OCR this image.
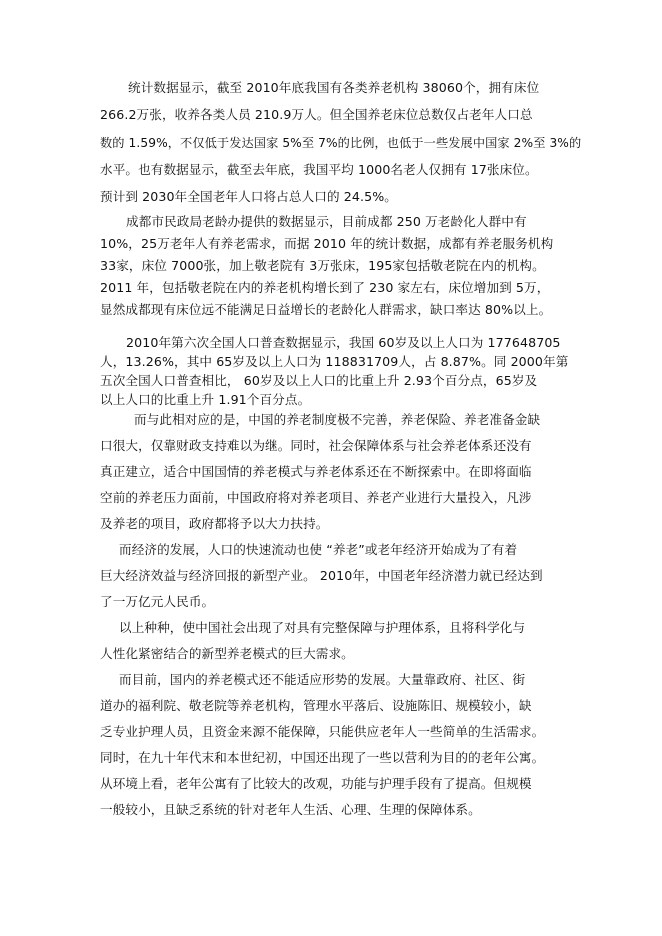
统计数据显示，截至 2010年底我国有各类养老机构 38060个，拥有床位
266.2万张，收养各类人员 210.9万人。但全国养老床位总数仅占老年人口总
数的 1.59%，不仅低于发达国家 5%至 7%的比例，也低于一些发展中国家 2%至 3%的
水平。也有数据显示，截至去年底，我国平均 1000名老人仅拥有 17张床位。
预计到 2030年全国老年人口将占总人口的 24.5%。
成都市民政局老龄办提供的数据显示，目前成都 250 万老龄化人群中有
10%，25万老年人有养老需求，而据 2010 年的统计数据，成都有养老服务机构
33家，床位 7000张，加上敬老院有 3万张床，195家包括敬老院在内的机构。
2011 年，包括敬老院在内的养老机构增长到了 230 家左右，床位增加到 5万，
显然成都现有床位远不能满足日益增长的老龄化人群需求，缺口率达 80%以上。
2010年第六次全国人口普查数据显示，我国 60岁及以上人口为 177648705
人，13.26%，其中 65岁及以上人口为 118831709人，占 8.87%。同 2000年第
五次全国人口普查相比， 60岁及以上人口的比重上升 2.93个百分点，65岁及
以上人口的比重上升 1.91个百分点。
而与此相对应的是，中国的养老制度极不完善，养老保险、养老准备金缺
口很大，仅靠财政支持难以为继。同时，社会保障体系与社会养老体系还没有
真正建立，适合中国国情的养老模式与养老体系还在不断探索中。在即将面临
空前的养老压力面前，中国政府将对养老项目、养老产业进行大量投入，凡涉
及养老的项目，政府都将予以大力扶持。
而经济的发展，人口的快速流动也使 “养老”或老年经济开始成为了有着
巨大经济效益与经济回报的新型产业。 2010年，中国老年经济潜力就已经达到
了一万亿元人民币。
以上种种，使中国社会出现了对具有完整保障与护理体系，且将科学化与
人性化紧密结合的新型养老模式的巨大需求。
而目前，国内的养老模式还不能适应形势的发展。大量靠政府、社区、街
道办的福利院、敬老院等养老机构，管理水平落后、设施陈旧、规模较小，缺
乏专业护理人员，且资金来源不能保障，只能供应老年人一些简单的生活需求。
同时，在九十年代末和本世纪初，中国还出现了一些以营利为目的的老年公寓。
从环境上看，老年公寓有了比较大的改观，功能与护理手段有了提高。但规模
一般较小，且缺乏系统的针对老年人生活、心理、生理的保障体系。
